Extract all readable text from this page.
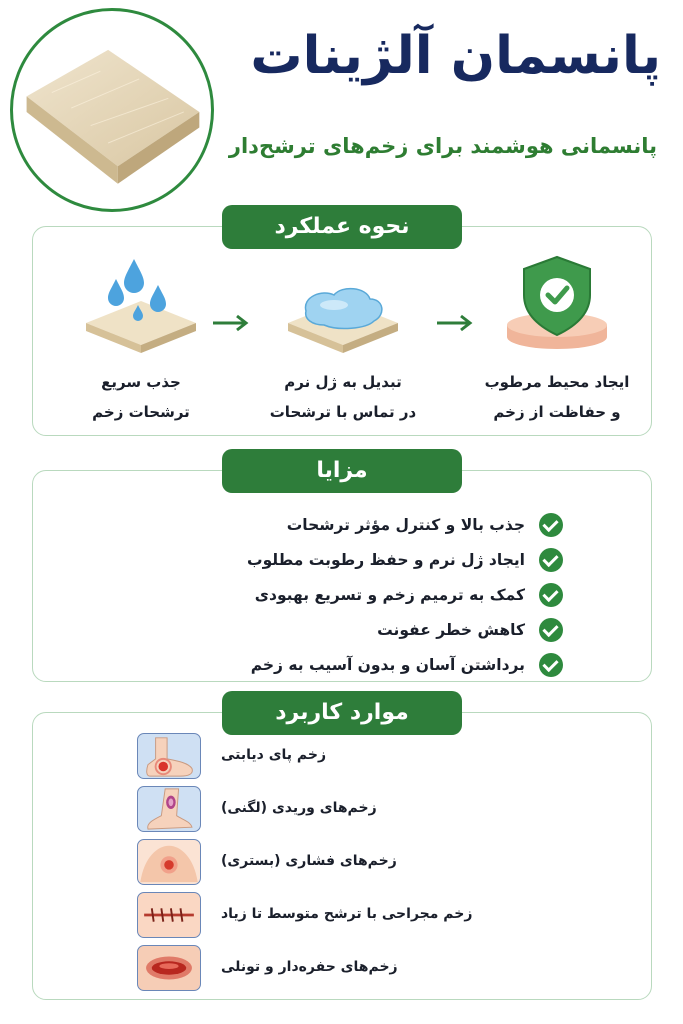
پانسمان آلژینات
پانسمانی هوشمند برای زخم‌های ترشح‌دار
نحوه عملکرد
جذب سریع
ترشحات زخم
تبدیل به ژل نرم
در تماس با ترشحات
ایجاد محیط مرطوب
و حفاظت از زخم
مزایا
جذب بالا و کنترل مؤثر ترشحات
ایجاد ژل نرم و حفظ رطوبت مطلوب
کمک به ترمیم زخم و تسریع بهبودی
کاهش خطر عفونت
برداشتن آسان و بدون آسیب به زخم
موارد کاربرد
زخم پای دیابتی
زخم‌های وریدی (لگنی)
زخم‌های فشاری (بستری)
زخم مجراحی با ترشح متوسط تا زیاد
زخم‌های حفره‌دار و تونلی
